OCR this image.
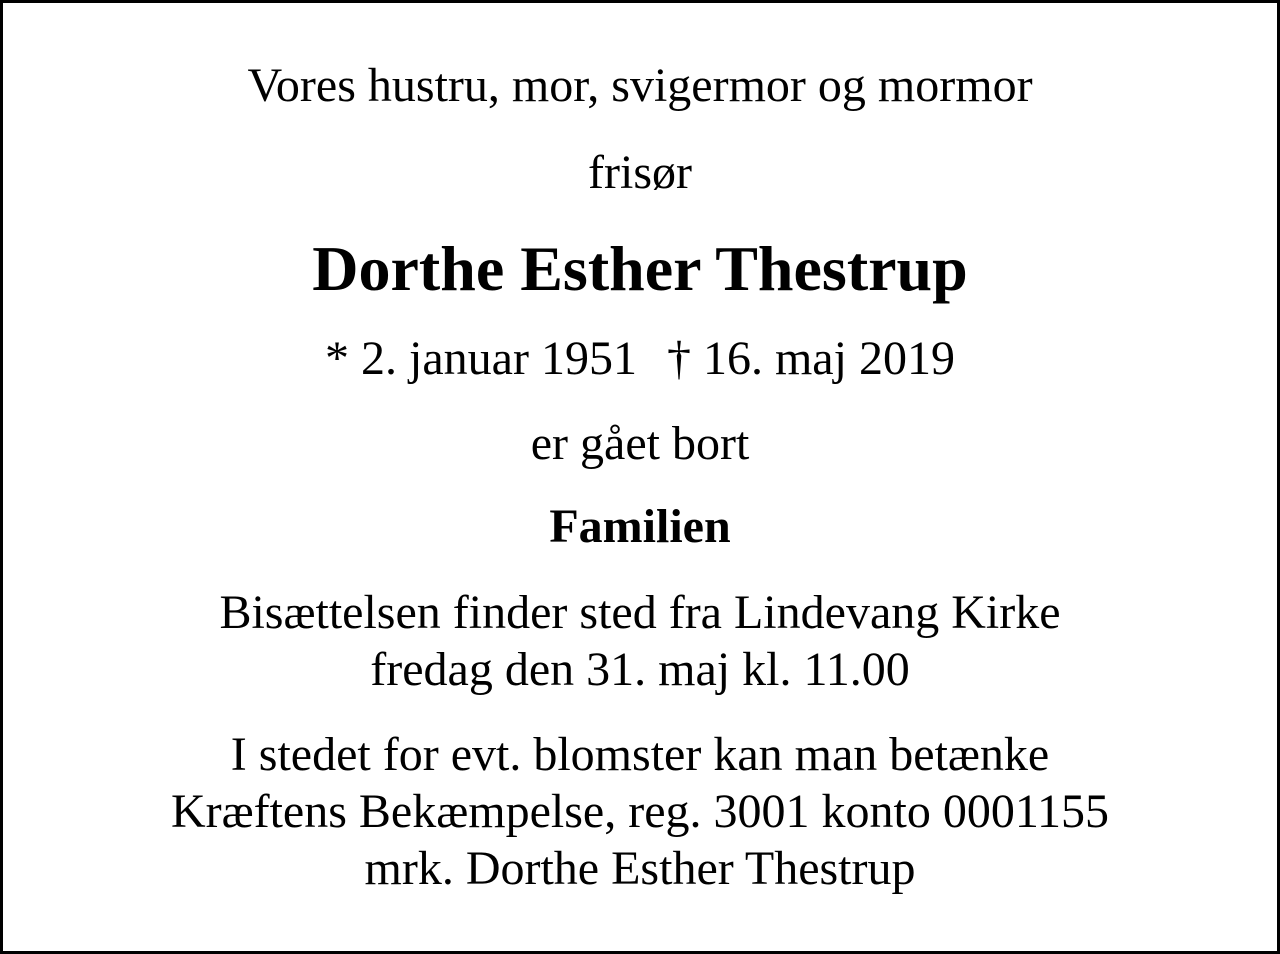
Vores hustru, mor, svigermor og mormor
frisør
Dorthe Esther Thestrup
* 2. januar 1951 † 16. maj 2019
er gået bort
Familien
Bisættelsen finder sted fra Lindevang Kirke
fredag den 31. maj kl. 11.00
I stedet for evt. blomster kan man betænke
Kræftens Bekæmpelse, reg. 3001 konto 0001155
mrk. Dorthe Esther Thestrup
